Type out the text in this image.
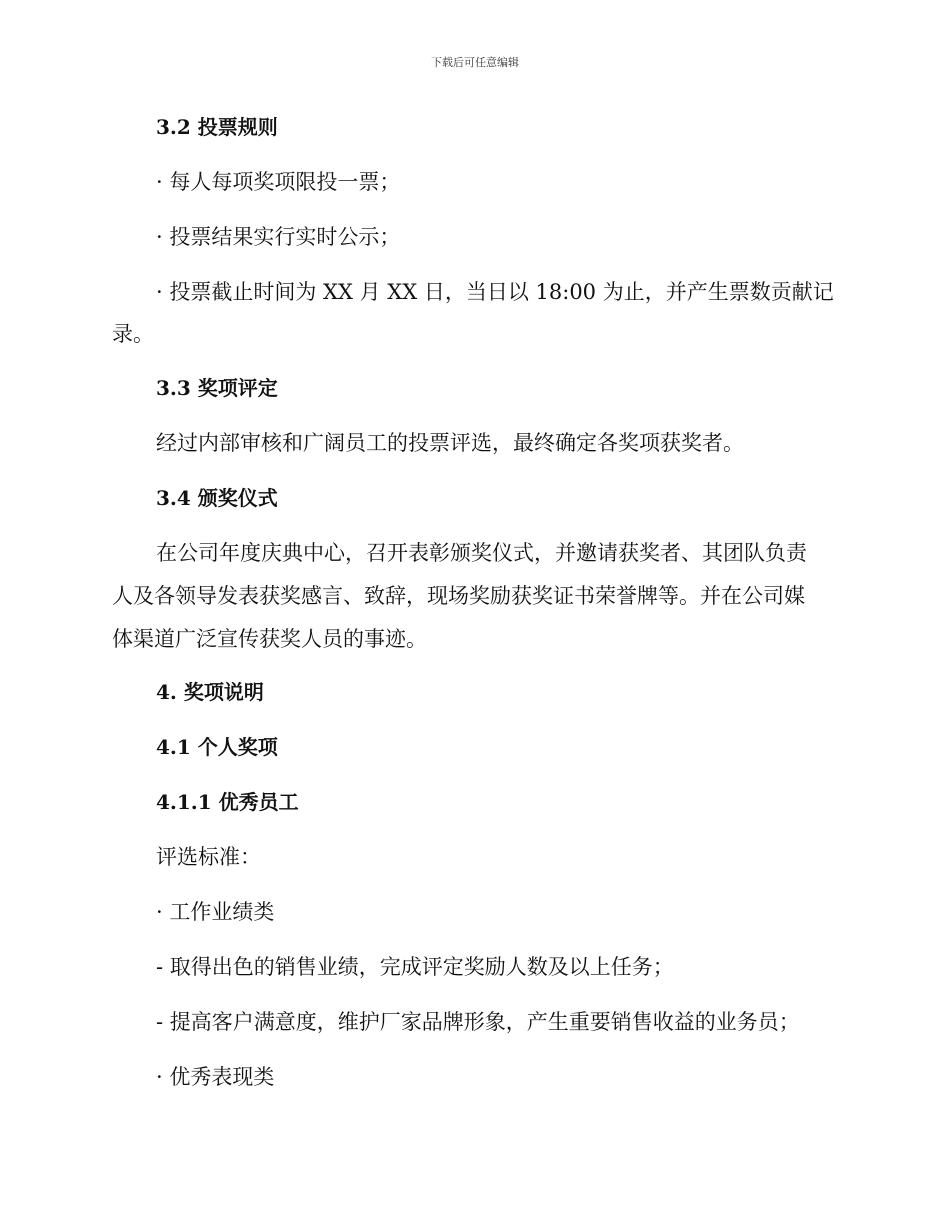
下载后可任意编辑
3.2 投票规则
· 每人每项奖项限投一票；
· 投票结果实行实时公示；
· 投票截止时间为 XX 月 XX 日，当日以 18:00 为止，并产生票数贡献记
录。
3.3 奖项评定
经过内部审核和广阔员工的投票评选，最终确定各奖项获奖者。
3.4 颁奖仪式
在公司年度庆典中心，召开表彰颁奖仪式，并邀请获奖者、其团队负责
人及各领导发表获奖感言、致辞，现场奖励获奖证书荣誉牌等。并在公司媒
体渠道广泛宣传获奖人员的事迹。
4. 奖项说明
4.1 个人奖项
4.1.1 优秀员工
评选标准：
· 工作业绩类
- 取得出色的销售业绩，完成评定奖励人数及以上任务；
- 提高客户满意度，维护厂家品牌形象，产生重要销售收益的业务员；
· 优秀表现类
